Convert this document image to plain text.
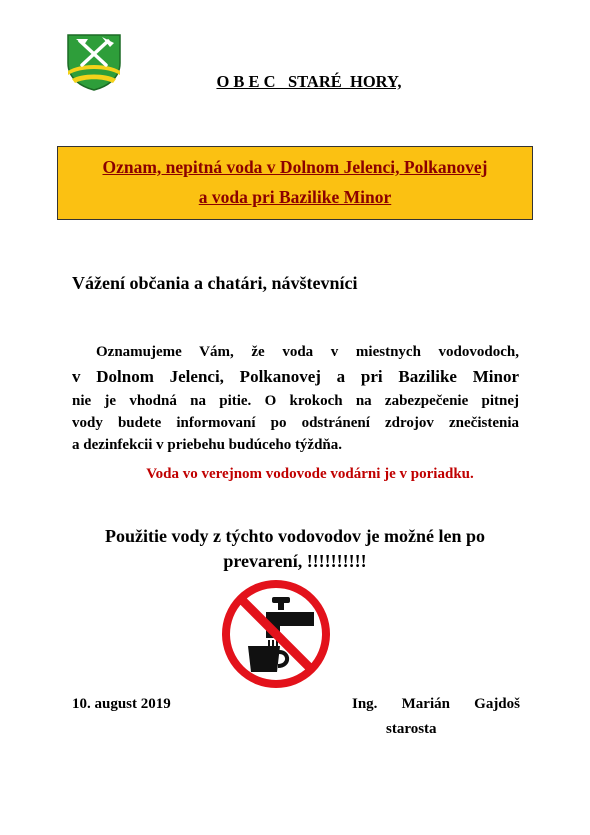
O B E C   STARÉ  HORY,
Oznam, nepitná voda v Dolnom Jelenci, Polkanovej
a voda pri Bazilike Minor
Vážení občania a chatári, návštevníci
Oznamujeme Vám, že voda v miestnych vodovodoch,
v Dolnom Jelenci, Polkanovej a pri Bazilike Minor
nie je vhodná na pitie. O krokoch na zabezpečenie pitnej
vody budete informovaní po odstránení zdrojov znečistenia
a dezinfekcii v priebehu budúceho týždňa.
Voda vo verejnom vodovode vodárni je v poriadku.
Použitie vody z týchto vodovodov je možné len po
prevarení, !!!!!!!!!!
10. august 2019	Ing. Marián Gajdoš
starosta
